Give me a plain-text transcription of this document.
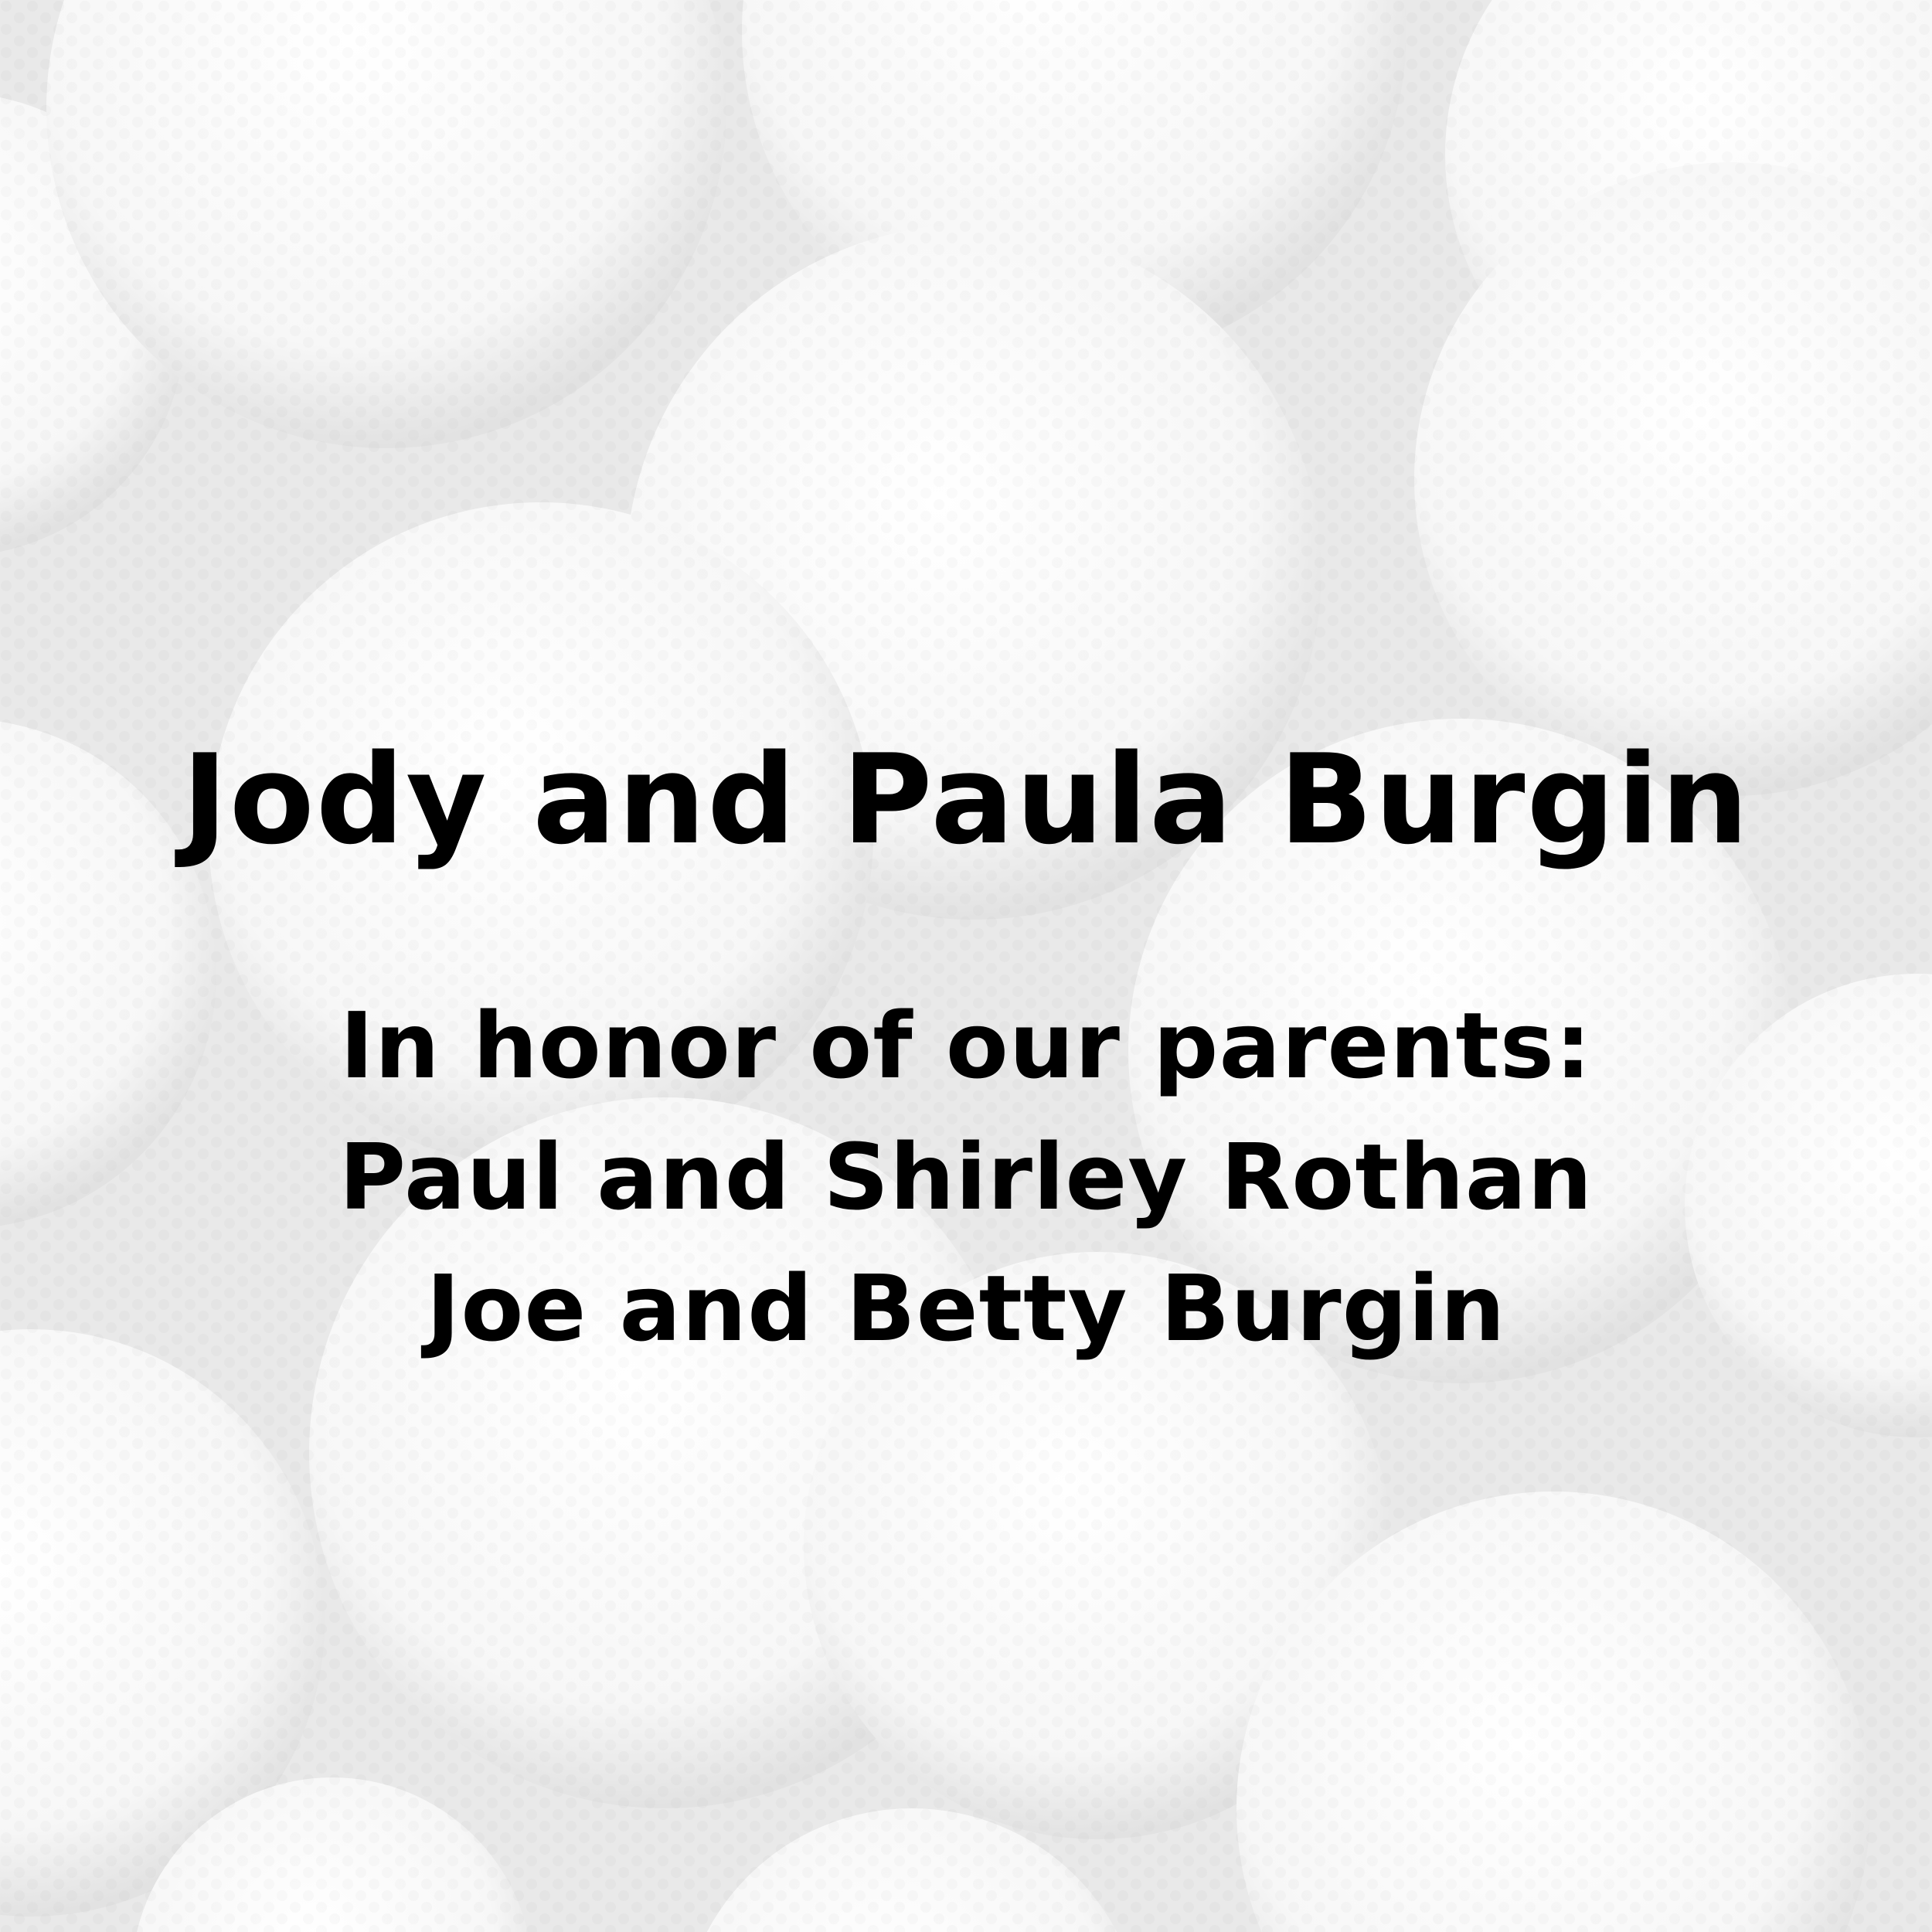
Jody and Paula Burgin
In honor of our parents:
Paul and Shirley Rothan
Joe and Betty Burgin
